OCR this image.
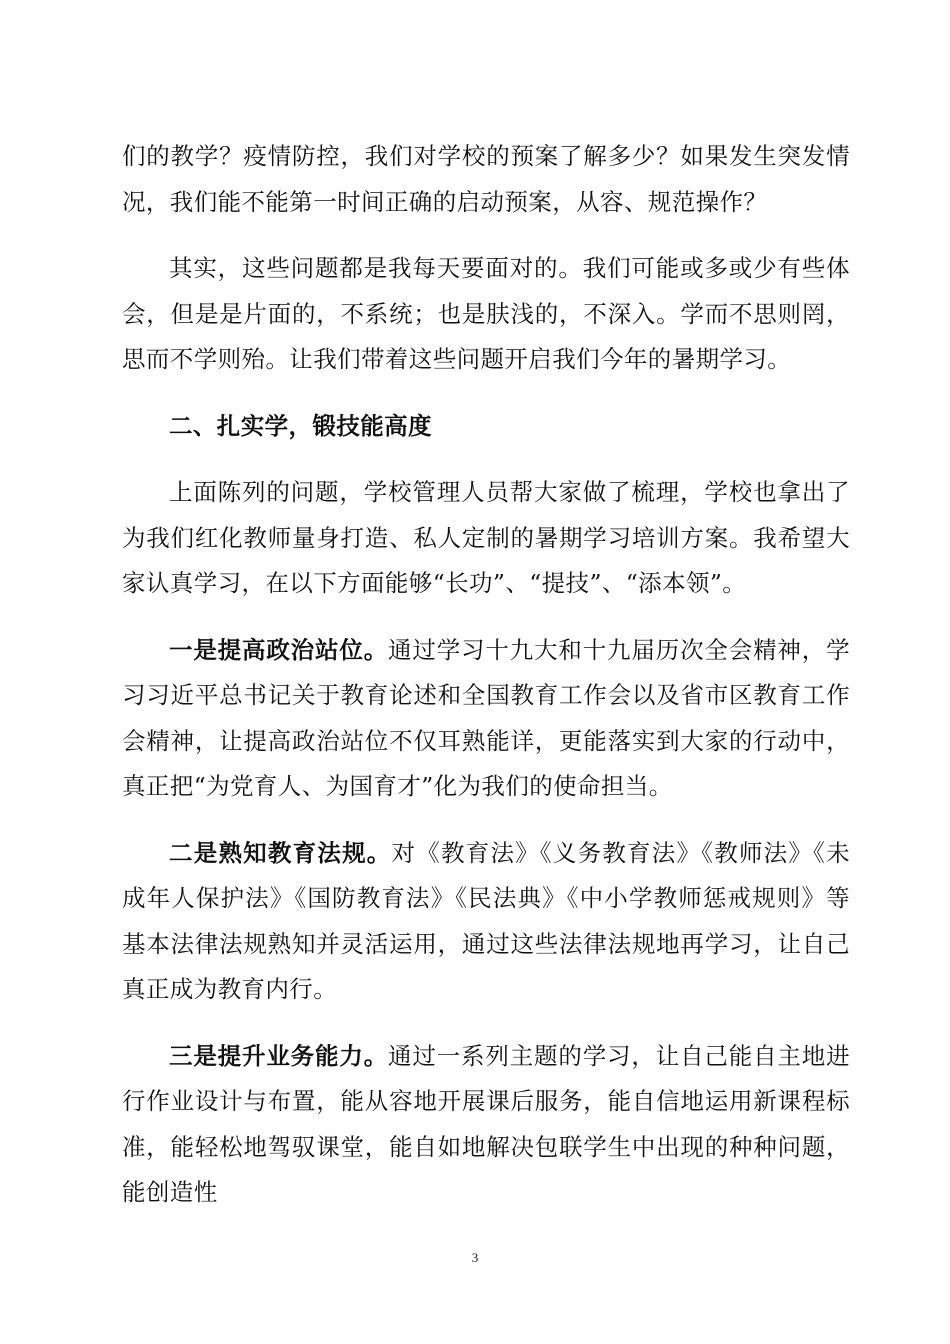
们的教学？疫情防控，我们对学校的预案了解多少？如果发生突发情况，我们能不能第一时间正确的启动预案，从容、规范操作？

其实，这些问题都是我每天要面对的。我们可能或多或少有些体会，但是是片面的，不系统；也是肤浅的，不深入。学而不思则罔，思而不学则殆。让我们带着这些问题开启我们今年的暑期学习。

二、扎实学，锻技能高度

上面陈列的问题，学校管理人员帮大家做了梳理，学校也拿出了为我们红化教师量身打造、私人定制的暑期学习培训方案。我希望大家认真学习，在以下方面能够“长功”、“提技”、“添本领”。

一是提高政治站位。通过学习十九大和十九届历次全会精神，学习习近平总书记关于教育论述和全国教育工作会以及省市区教育工作会精神，让提高政治站位不仅耳熟能详，更能落实到大家的行动中，真正把“为党育人、为国育才”化为我们的使命担当。

二是熟知教育法规。对《教育法》《义务教育法》《教师法》《未成年人保护法》《国防教育法》《民法典》《中小学教师惩戒规则》等基本法律法规熟知并灵活运用，通过这些法律法规地再学习，让自己真正成为教育内行。

三是提升业务能力。通过一系列主题的学习，让自己能自主地进行作业设计与布置，能从容地开展课后服务，能自信地运用新课程标准，能轻松地驾驭课堂，能自如地解决包联学生中出现的种种问题，能创造性

3
